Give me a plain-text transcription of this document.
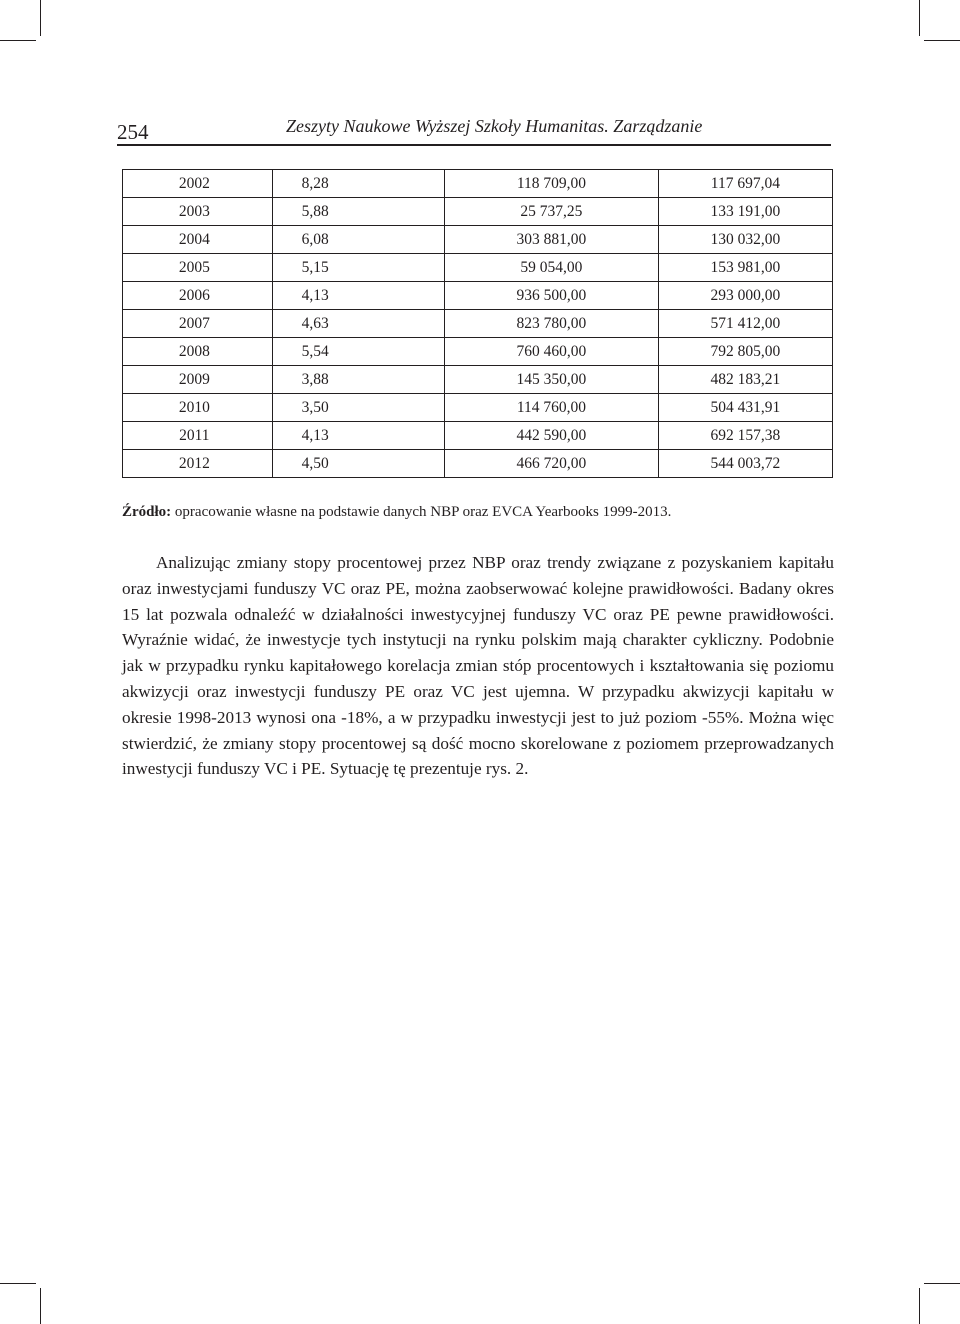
254	Zeszyty Naukowe Wyższej Szkoły Humanitas. Zarządzanie
2002	8,28	118 709,00	117 697,04
2003	5,88	25 737,25	133 191,00
2004	6,08	303 881,00	130 032,00
2005	5,15	59 054,00	153 981,00
2006	4,13	936 500,00	293 000,00
2007	4,63	823 780,00	571 412,00
2008	5,54	760 460,00	792 805,00
2009	3,88	145 350,00	482 183,21
2010	3,50	114 760,00	504 431,91
2011	4,13	442 590,00	692 157,38
2012	4,50	466 720,00	544 003,72
Źródło: opracowanie własne na podstawie danych NBP oraz EVCA Yearbooks 1999-2013.

Analizując zmiany stopy procentowej przez NBP oraz trendy związane z pozyskaniem kapitału oraz inwestycjami funduszy VC oraz PE, można zaobserwować kolejne prawidłowości. Badany okres 15 lat pozwala odnaleźć w działalności inwestycyjnej funduszy VC oraz PE pewne prawidłowości. Wyraźnie widać, że inwestycje tych instytucji na rynku polskim mają charakter cykliczny. Podobnie jak w przypadku rynku kapitałowego korelacja zmian stóp procentowych i kształtowania się poziomu akwizycji oraz inwestycji funduszy PE oraz VC jest ujemna. W przypadku akwizycji kapitału w okresie 1998-2013 wynosi ona -18%, a w przypadku inwestycji jest to już poziom -55%. Można więc stwierdzić, że zmiany stopy procentowej są dość mocno skorelowane z poziomem przeprowadzanych inwestycji funduszy VC i PE. Sytuację tę prezentuje rys. 2.
